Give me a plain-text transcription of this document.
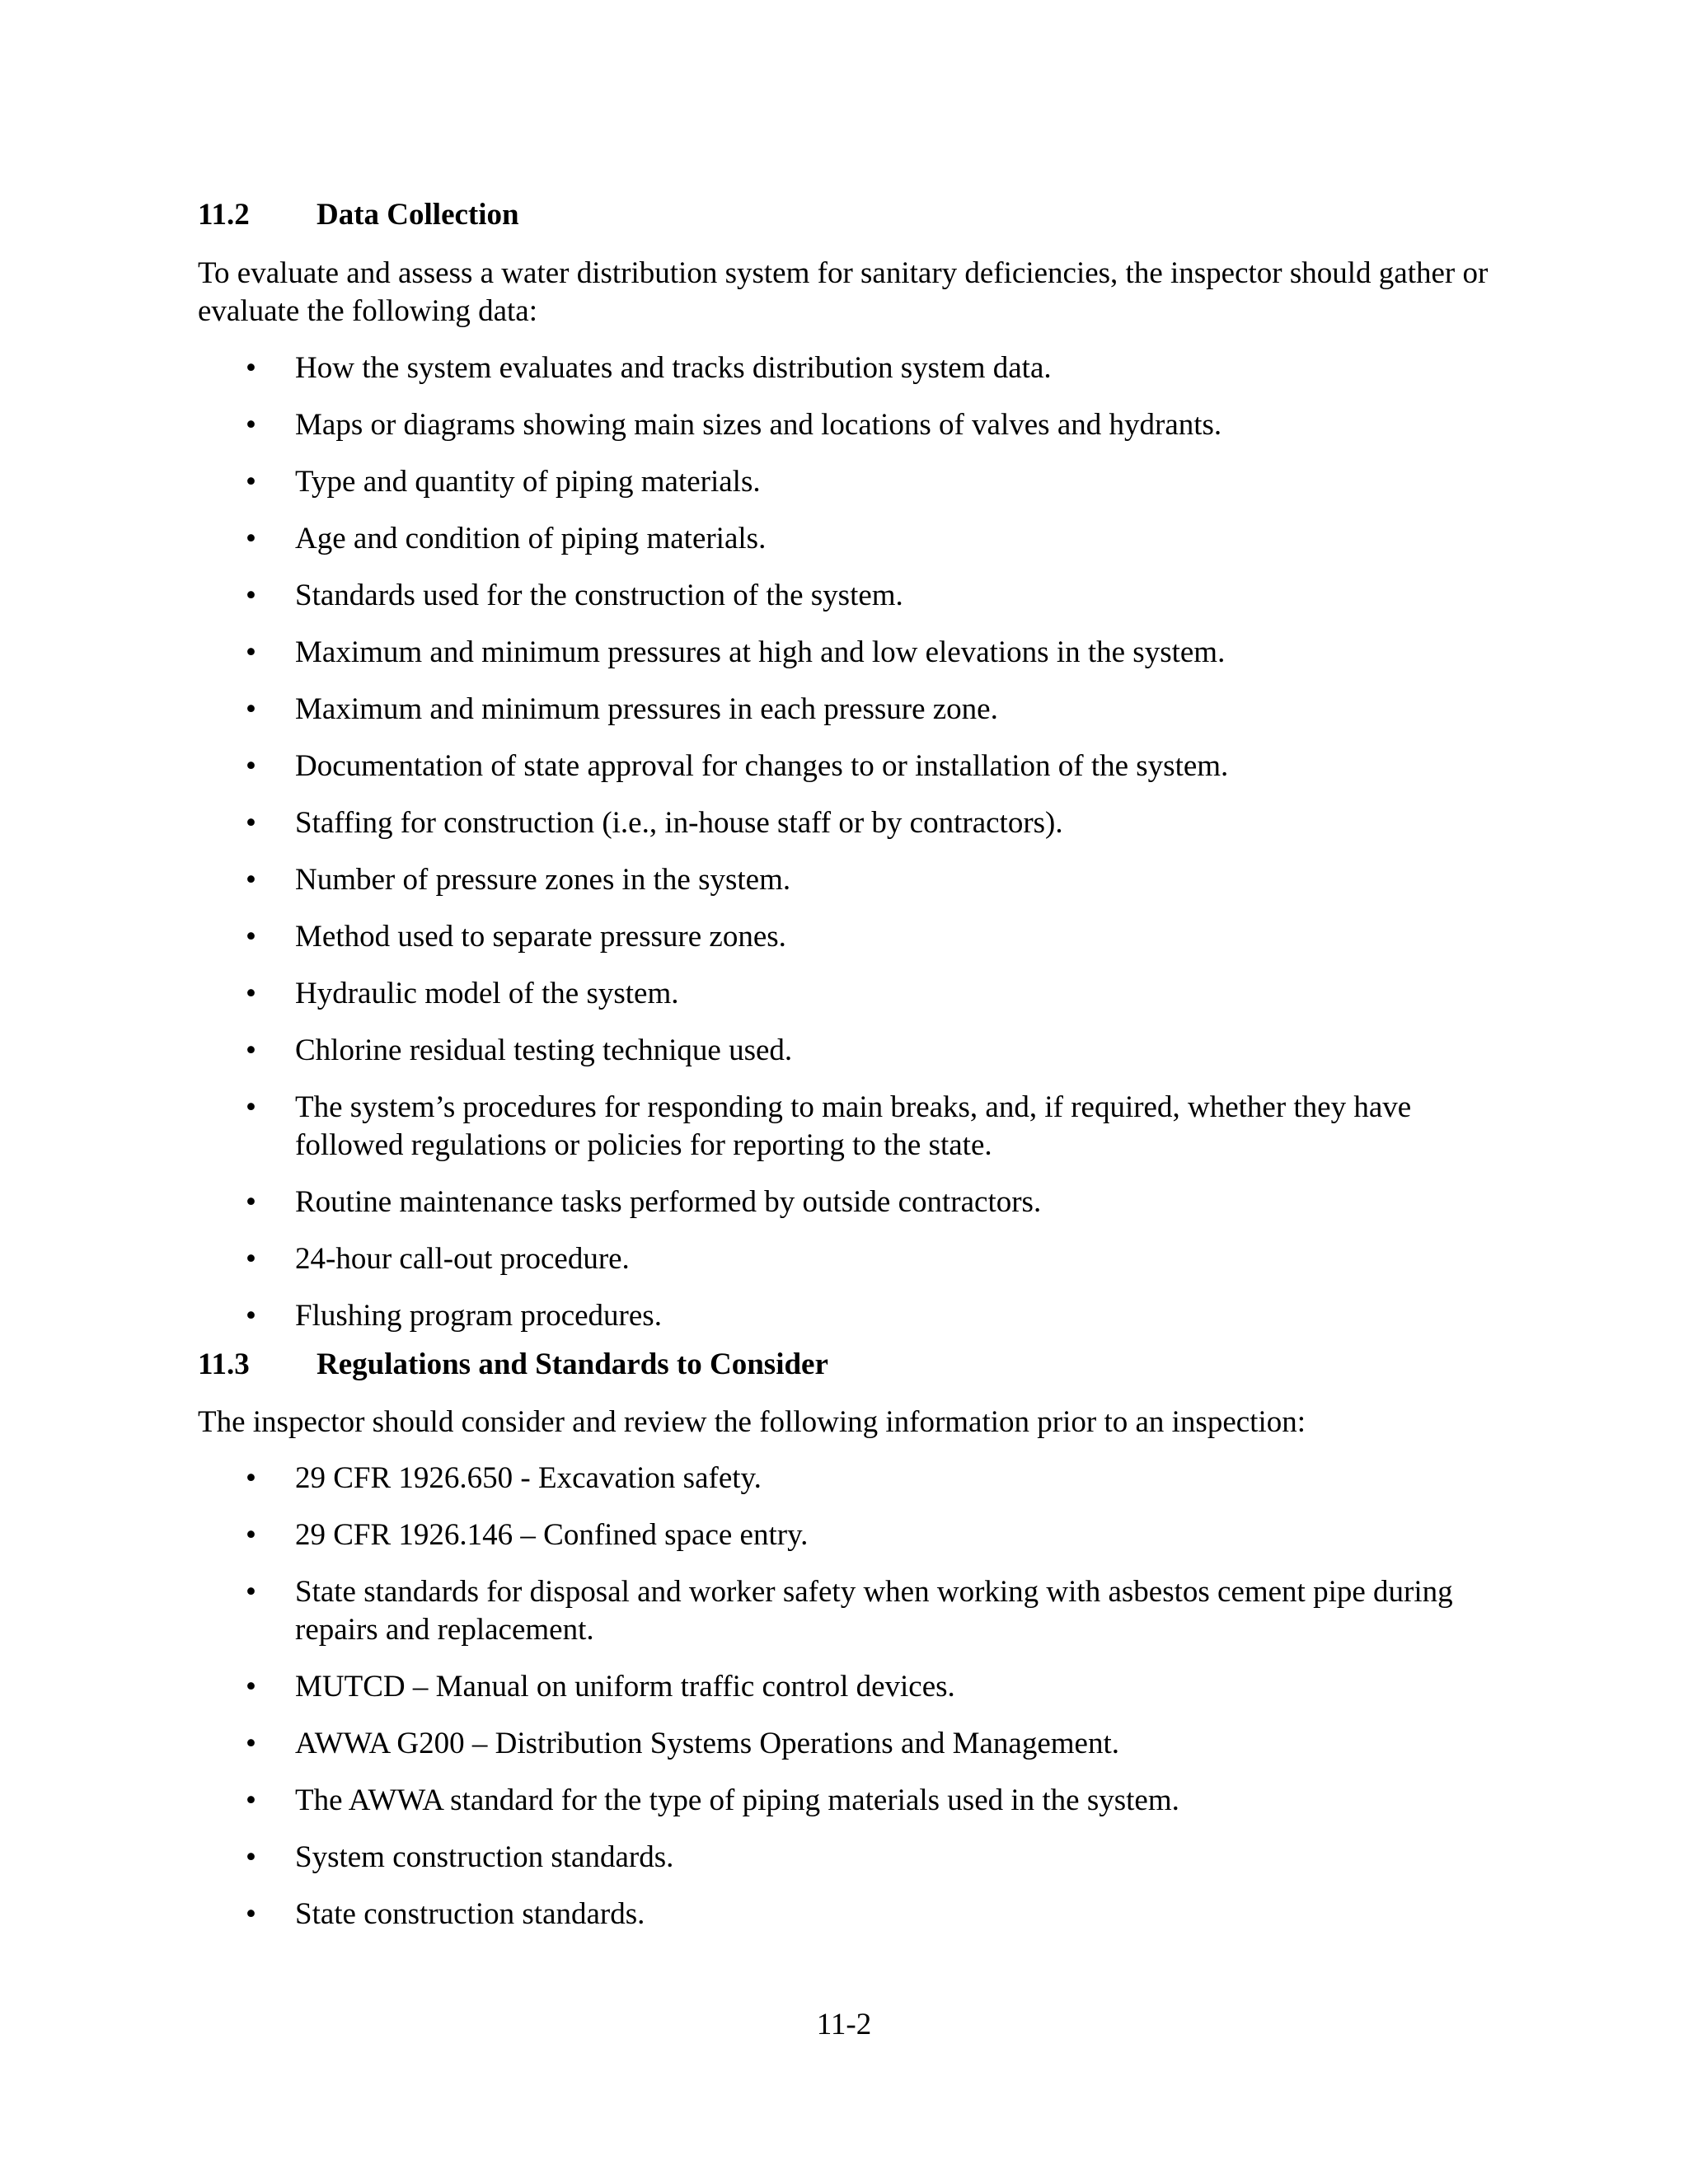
11.2 Data Collection
To evaluate and assess a water distribution system for sanitary deficiencies, the inspector should gather or evaluate the following data:
• How the system evaluates and tracks distribution system data.
• Maps or diagrams showing main sizes and locations of valves and hydrants.
• Type and quantity of piping materials.
• Age and condition of piping materials.
• Standards used for the construction of the system.
• Maximum and minimum pressures at high and low elevations in the system.
• Maximum and minimum pressures in each pressure zone.
• Documentation of state approval for changes to or installation of the system.
• Staffing for construction (i.e., in-house staff or by contractors).
• Number of pressure zones in the system.
• Method used to separate pressure zones.
• Hydraulic model of the system.
• Chlorine residual testing technique used.
• The system’s procedures for responding to main breaks, and, if required, whether they have followed regulations or policies for reporting to the state.
• Routine maintenance tasks performed by outside contractors.
• 24-hour call-out procedure.
• Flushing program procedures.
11.3 Regulations and Standards to Consider
The inspector should consider and review the following information prior to an inspection:
• 29 CFR 1926.650 - Excavation safety.
• 29 CFR 1926.146 – Confined space entry.
• State standards for disposal and worker safety when working with asbestos cement pipe during repairs and replacement.
• MUTCD – Manual on uniform traffic control devices.
• AWWA G200 – Distribution Systems Operations and Management.
• The AWWA standard for the type of piping materials used in the system.
• System construction standards.
• State construction standards.
11-2
